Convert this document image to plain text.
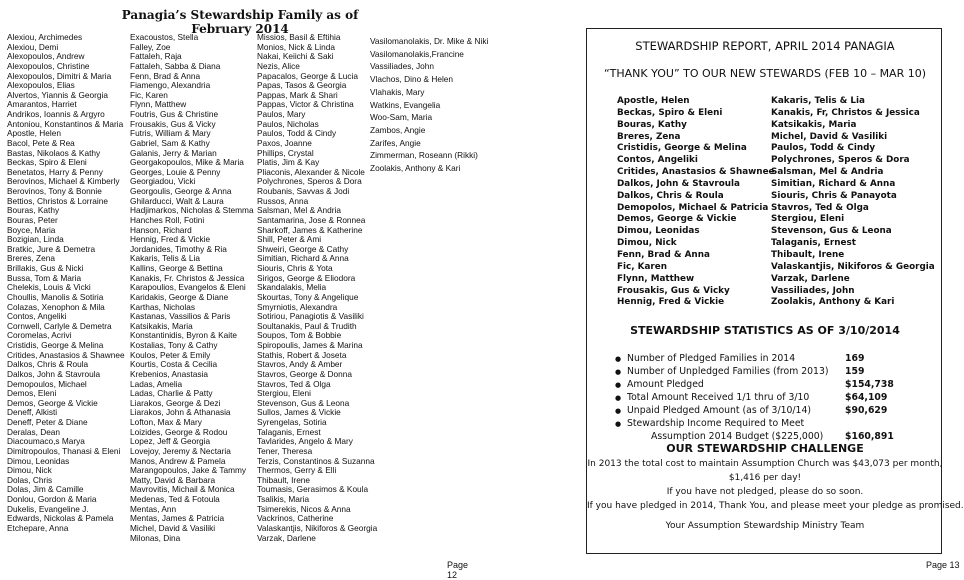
Panagia’s Stewardship Family as of February 2014
Alexiou, Archimedes
Alexiou, Demi
Alexopoulos, Andrew
Alexopoulos, Christine
Alexopoulos, Dimitri & Maria
Alexopoulos, Elias
Alvertos, Yiannis & Georgia
Amarantos, Harriet
Andrikos, Ioannis & Argyro
Antoniou, Konstantinos & Maria
Apostle, Helen
Bacol, Pete & Rea
Bastas, Nikolaos & Kathy
Beckas, Spiro & Eleni
Benetatos, Harry & Penny
Berovinos, Michael & Kimberly
Berovinos, Tony & Bonnie
Bettios, Christos & Lorraine
Bouras, Kathy
Bouras, Peter
Boyce, Maria
Bozigian, Linda
Bratkic, Jure & Demetra
Breres, Zena
Brillakis, Gus & Nicki
Bussa, Tom & Maria
Chelekis, Louis & Vicki
Choullis, Manolis & Sotiria
Colazas, Xenophon & Mila
Contos, Angeliki
Cornwell, Carlyle & Demetra
Coromelas, Acrivi
Cristidis, George & Melina
Critides, Anastasios & Shawnee
Dalkos, Chris & Roula
Dalkos, John & Stavroula
Demopoulos, Michael
Demos, Eleni
Demos, George & Vickie
Deneff, Alkisti
Deneff, Peter & Diane
Deralas, Dean
Diacoumaco,s Marya
Dimitropoulos, Thanasi & Eleni
Dimou, Leonidas
Dimou, Nick
Dolas, Chris
Dolas, Jim & Camille
Donlou, Gordon & Maria
Dukelis, Evangeline J.
Edwards, Nickolas & Pamela
Etchepare, Anna
Exacoustos, Stella
Falley, Zoe
Fattaleh, Raja
Fattaleh, Sabba & Diana
Fenn, Brad & Anna
Fiamengo, Alexandria
Fic, Karen
Flynn, Matthew
Foutris, Gus & Christine
Frousakis, Gus & Vicky
Futris, William & Mary
Gabriel, Sam & Kathy
Galanis, Jerry & Marian
Georgakopoulos, Mike & Maria
Georges, Louie & Penny
Georgiadou, Vicki
Georgoulis, George & Anna
Ghilarducci, Walt & Laura
Hadjimarkos, Nicholas & Stemma
Hanches Roll, Fotini
Hanson, Richard
Hennig, Fred & Vickie
Jordanides, Timothy & Ria
Kakaris, Telis & Lia
Kallins, George & Bettina
Kanakis, Fr. Christos & Jessica
Karapoulios, Evangelos & Eleni
Karidakis, George & Diane
Karthas, Nicholas
Kastanas, Vassilios & Paris
Katsikakis, Maria
Konstantinidis, Byron & Kaite
Kostalias, Tony & Cathy
Koulos, Peter & Emily
Kourtis, Costa & Cecilia
Krebenios, Anastasia
Ladas, Amelia
Ladas, Charlie & Patty
Liarakos, George & Dezi
Liarakos, John & Athanasia
Lofton, Max & Mary
Loizides, George & Rodou
Lopez, Jeff & Georgia
Lovejoy, Jeremy & Nectaria
Manos, Andrew & Pamela
Marangopoulos, Jake & Tammy
Matty, David & Barbara
Mavrovitis, Michail & Monica
Medenas, Ted & Fotoula
Mentas, Ann
Mentas, James & Patricia
Michel, David & Vasiliki
Milonas, Dina
Missios, Basil & Eftihia
Monios, Nick & Linda
Nakai, Keiichi & Saki
Nezis, Alice
Papacalos, George & Lucia
Papas, Tasos & Georgia
Pappas, Mark & Shari
Pappas, Victor & Christina
Paulos, Mary
Paulos, Nicholas
Paulos, Todd & Cindy
Paxos, Joanne
Phillips, Crystal
Platis, Jim & Kay
Pliaconis, Alexander & Nicole
Polychrones, Speros & Dora
Roubanis, Savvas & Jodi
Russos, Anna
Salsman, Mel & Andria
Santamarina, Jose & Ronnea
Sharkoff, James & Katherine
Shill, Peter & Ami
Shweiri, George & Cathy
Simitian, Richard & Anna
Siouris, Chris & Yota
Sirigos, George & Eliodora
Skandalakis, Melia
Skourtas, Tony & Angelique
Smyrniotis, Alexandra
Sotiriou, Panagiotis & Vasiliki
Soultanakis, Paul & Trudith
Soupos, Tom & Bobbie
Spiropoulis, James & Marina
Stathis, Robert & Joseta
Stavros, Andy & Amber
Stavros, George & Donna
Stavros, Ted & Olga
Stergiou, Eleni
Stevenson, Gus & Leona
Sullos, James & Vickie
Syrengelas, Sotiria
Talaganis, Ernest
Tavlarides, Angelo & Mary
Tener, Theresa
Terzis, Constantinos & Suzanna
Thermos, Gerry & Elli
Thibault, Irene
Toumasis, Gerasimos & Koula
Tsalikis, Maria
Tsimerekis, Nicos & Anna
Vackrinos, Catherine
Valaskantjis, Nikiforos & Georgia
Varzak, Darlene
Vasilomanolakis, Dr. Mike & Niki
Vasilomanolakis,Francine
Vassiliades, John
Vlachos, Dino & Helen
Vlahakis, Mary
Watkins, Evangelia
Woo-Sam, Maria
Zambos, Angie
Zarifes, Angie
Zimmerman, Roseann (Rikki)
Zoolakis, Anthony & Kari
Page 12
STEWARDSHIP REPORT, APRIL 2014 PANAGIA
“THANK YOU” TO OUR NEW STEWARDS (FEB 10 – MAR 10)
Apostle, Helen
Beckas, Spiro & Eleni
Bouras, Kathy
Breres, Zena
Cristidis, George & Melina
Contos, Angeliki
Critides, Anastasios & Shawnee
Dalkos, John & Stavroula
Dalkos, Chris & Roula
Demopolos, Michael & Patricia
Demos, George & Vickie
Dimou, Leonidas
Dimou, Nick
Fenn, Brad & Anna
Fic, Karen
Flynn, Matthew
Frousakis, Gus & Vicky
Hennig, Fred & Vickie
Kakaris, Telis & Lia
Kanakis, Fr, Christos & Jessica
Katsikakis, Maria
Michel, David & Vasiliki
Paulos, Todd & Cindy
Polychrones, Speros & Dora
Salsman, Mel & Andria
Simitian, Richard & Anna
Siouris, Chris & Panayota
Stavros, Ted & Olga
Stergiou, Eleni
Stevenson, Gus & Leona
Talaganis, Ernest
Thibault, Irene
Valaskantjis, Nikiforos & Georgia
Varzak, Darlene
Vassiliades, John
Zoolakis, Anthony & Kari
STEWARDSHIP STATISTICS AS OF 3/10/2014
● Number of Pledged Families in 2014	169
● Number of Unpledged Families (from 2013) 159
● Amount Pledged	$154,738
● Total Amount Received 1/1 thru of 3/10	$64,109
● Unpaid Pledged Amount (as of 3/10/14)	$90,629
● Stewardship Income Required to Meet
Assumption 2014 Budget ($225,000) $160,891
OUR STEWARDSHIP CHALLENGE
In 2013 the total cost to maintain Assumption Church was $43,073 per month,
$1,416 per day!
If you have not pledged, please do so soon.
If you have pledged in 2014, Thank You, and please meet your pledge as promised.
Your Assumption Stewardship Ministry Team
Page 13
